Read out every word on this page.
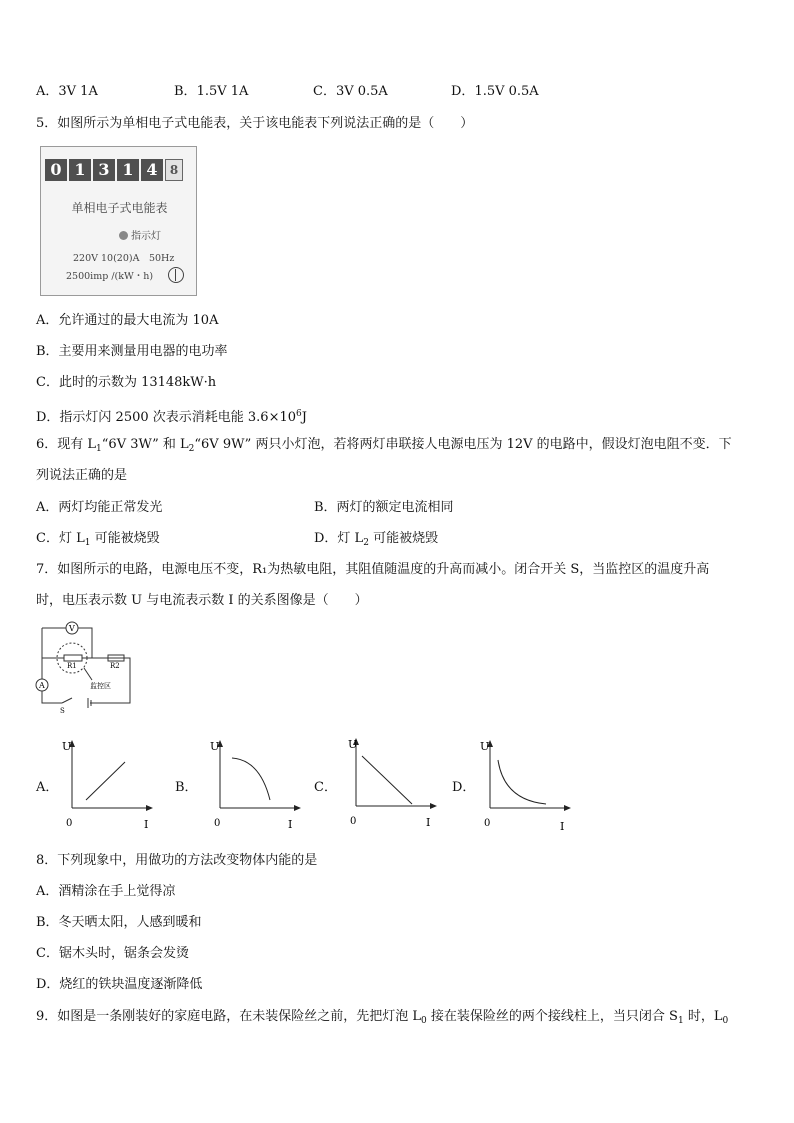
A．3V 1A	B．1.5V 1A	C．3V 0.5A	D．1.5V 0.5A
5．如图所示为单相电子式电能表，关于该电能表下列说法正确的是（　　）
0 1 3 1 4	8
单相电子式电能表
指示灯
220V 10(20)A　50Hz
2500imp /(kW・h)
A．允许通过的最大电流为 10A
B．主要用来测量用电器的电功率
C．此时的示数为 13148kW·h
D．指示灯闪 2500 次表示消耗电能 $3.6\times 10^6J$
6．现有 $L_1“6V$ 3W” 和 $L_2“6V$ 9W” 两只小灯泡，若将两灯串联接人电源电压为 12V 的电路中，假设灯泡电阻不变．下
列说法正确的是
A．两灯均能正常发光	B．两灯的额定电流相同
C．灯 $L_1$ 可能被烧毁	D．灯 $L_2$ 可能被烧毁
7．如图所示的电路，电源电压不变，R₁为热敏电阻，其阻值随温度的升高而减小。闭合开关 S，当监控区的温度升高
时，电压表示数 U 与电流表示数 I 的关系图像是（　　）
V
A
R1	R2
监控区
S
A．
U
I
0
B．
U
I
0
C．
U
I
0
D．
U
I
0
8．下列现象中，用做功的方法改变物体内能的是
A．酒精涂在手上觉得凉
B．冬天晒太阳，人感到暖和
C．锯木头时，锯条会发烫
D．烧红的铁块温度逐渐降低
9．如图是一条刚装好的家庭电路，在未装保险丝之前，先把灯泡 $L_0$ 接在装保险丝的两个接线柱上，当只闭合 $S_1$ 时，$L_0$
